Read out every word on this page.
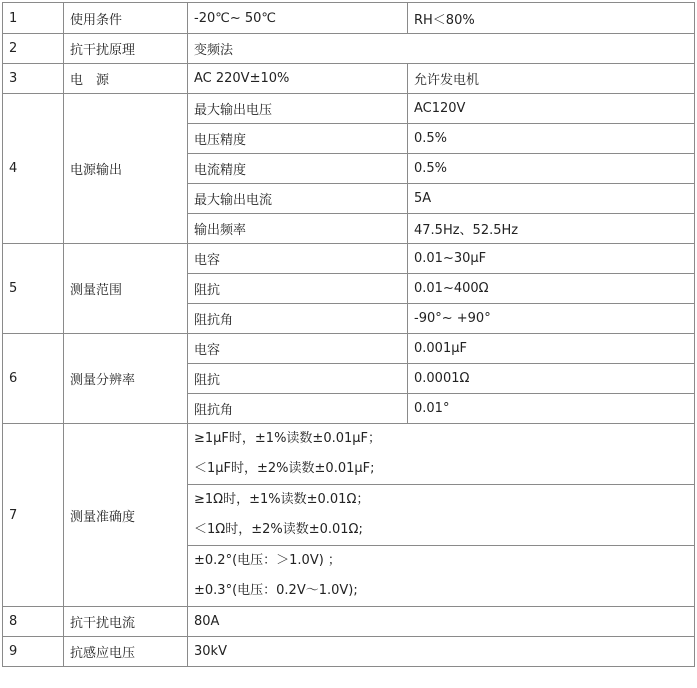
1	使用条件	-20℃~ 50℃	RH＜80%
2	抗干扰原理	变频法	
3	电　源	AC 220V±10%	允许发电机
4	电源输出	最大输出电压	AC120V
		电压精度	0.5%
		电流精度	0.5%
		最大输出电流	5A
		输出频率	47.5Hz、52.5Hz
5	测量范围	电容	0.01~30μF
		阻抗	0.01~400Ω
		阻抗角	-90°~ +90°
6	测量分辨率	电容	0.001μF
		阻抗	0.0001Ω
		阻抗角	0.01°
7	测量准确度	≥1μF时，±1%读数±0.01μF；
＜1μF时，±2%读数±0.01μF;	

		≥1Ω时，±1%读数±0.01Ω；
＜1Ω时，±2%读数±0.01Ω;	

		±0.2°(电压：＞1.0V) ；
±0.3°(电压：0.2V～1.0V);	

8	抗干扰电流	80A	
9	抗感应电压	30kV	
